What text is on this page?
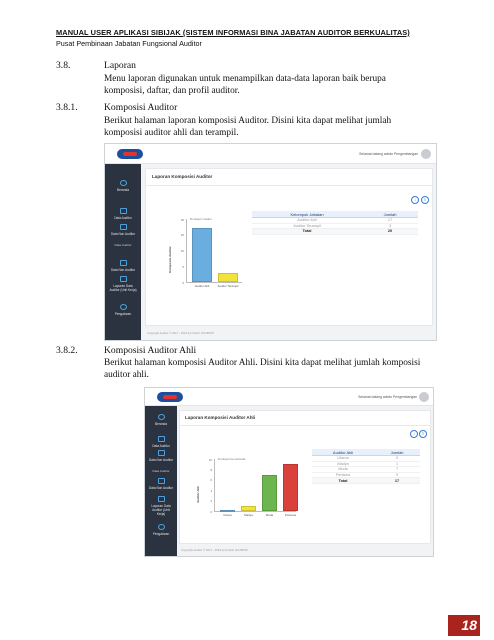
MANUAL USER APLIKASI SIBIJAK (SISTEM INFORMASI BINA JABATAN AUDITOR BERKUALITAS)
Pusat Pembinaan Jabatan Fungsional Auditor
3.8.	Laporan
Menu laporan digunakan untuk menampilkan data-data laporan baik berupa
komposisi, daftar, dan profil auditor.
3.8.1.	Komposisi Auditor
Berikut halaman laporan komposisi Auditor. Disini kita dapat melihat jumlah
komposisi auditor ahli dan terampil.
Selamat datang admin Pengembangan
Beranda
Data Auditor
Data Non Auditor
Data Auditor
Data Non Auditor
Laporan Data Auditor (Unit Kerja)
Pengaturan
Laporan Komposisi Auditor
↓	≡
0
5
10
15
20
Komposisi Auditor
Di ekspor melalui
Auditor Ahli	Auditor Terampil
Kelompok Jabatan	Jumlah
Auditor Ahli	17
Auditor Terampil	3
Total	20
Copyright Auditor © 2017 - 2019 by Pusbin JFA BPKP
3.8.2.	Komposisi Auditor Ahli
Berikut halaman komposisi Auditor Ahli. Disini kita dapat melihat jumlah komposisi
auditor ahli.
Selamat datang admin Pengembangan
Beranda
Data Auditor
Data Non Auditor
Data Auditor
Data Non Auditor
Laporan Data Auditor (Unit Kerja)
Pengaturan
Laporan Komposisi Auditor Ahli
↓	≡
0
2
4
6
8
10
Auditor Ahli
Di ekspor ke pertanda
Utama	Madya	Muda	Pertama
Auditor Ahli	Jumlah
Utama	0
Madya	1
Muda	7
Pertama	9
Total	17
Copyright Auditor © 2017 - 2019 by Pusbin JFA BPKP
18
